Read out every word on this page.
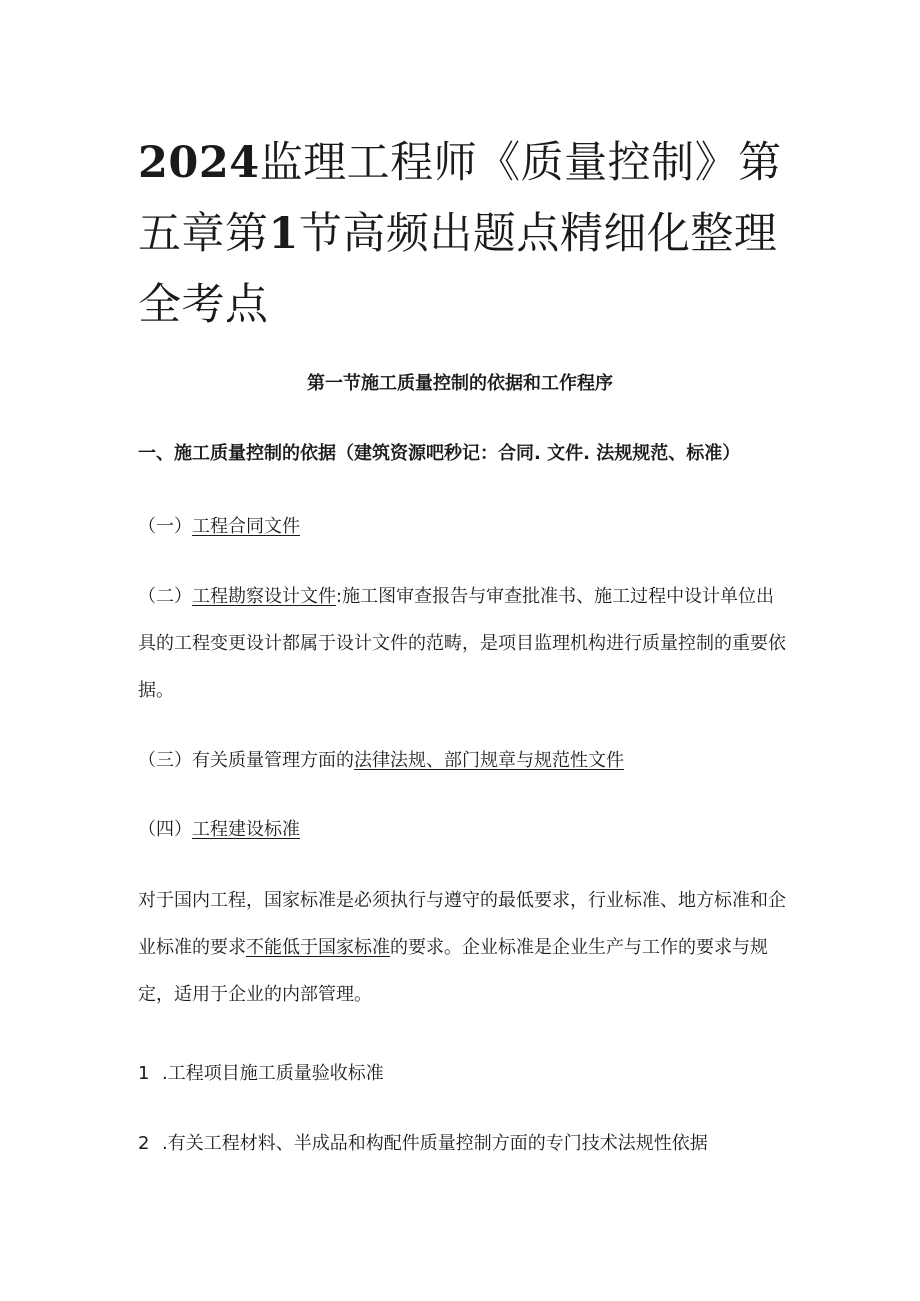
2024监理工程师《质量控制》第五章第1节高频出题点精细化整理全考点
第一节施工质量控制的依据和工作程序
一、施工质量控制的依据（建筑资源吧秒记：合同. 文件. 法规规范、标准）

（一）工程合同文件

（二）工程勘察设计文件:施工图审查报告与审查批准书、施工过程中设计单位出具的工程变更设计都属于设计文件的范畴，是项目监理机构进行质量控制的重要依据。

（三）有关质量管理方面的法律法规、部门规章与规范性文件

（四）工程建设标准

对于国内工程，国家标准是必须执行与遵守的最低要求，行业标准、地方标准和企业标准的要求不能低于国家标准的要求。企业标准是企业生产与工作的要求与规定，适用于企业的内部管理。

1 .工程项目施工质量验收标准

2 .有关工程材料、半成品和构配件质量控制方面的专门技术法规性依据
